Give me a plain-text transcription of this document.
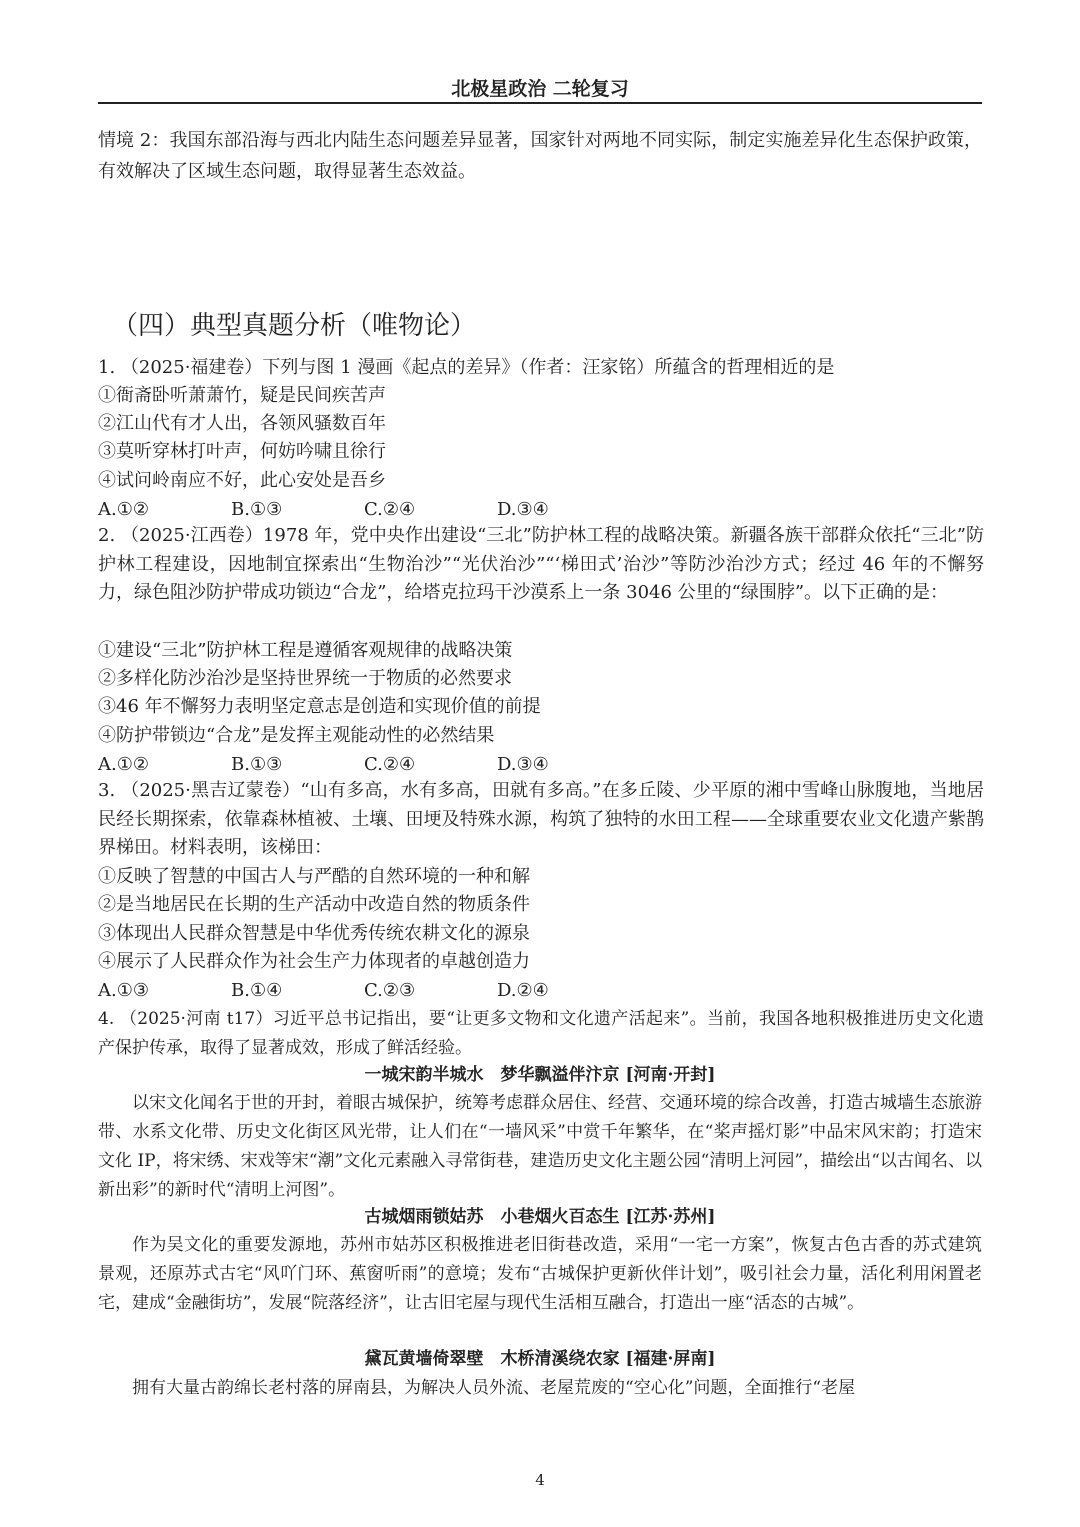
北极星政治 二轮复习

情境 2：我国东部沿海与西北内陆生态问题差异显著，国家针对两地不同实际，制定实施差异化生态保护政策，有效解决了区域生态问题，取得显著生态效益。

（四）典型真题分析（唯物论）
1. （2025·福建卷）下列与图 1 漫画《起点的差异》（作者：汪家铭）所蕴含的哲理相近的是
①衙斋卧听萧萧竹，疑是民间疾苦声
②江山代有才人出，各领风骚数百年
③莫听穿林打叶声，何妨吟啸且徐行
④试问岭南应不好，此心安处是吾乡
A.①②	B.①③	C.②④	D.③④

2. （2025·江西卷）1978 年，党中央作出建设“三北”防护林工程的战略决策。新疆各族干部群众依托“三北”防护林工程建设，因地制宜探索出“生物治沙”“光伏治沙”“‘梯田式’治沙”等防沙治沙方式；经过 46 年的不懈努力，绿色阻沙防护带成功锁边“合龙”，给塔克拉玛干沙漠系上一条 3046 公里的“绿围脖”。以下正确的是：

①建设“三北”防护林工程是遵循客观规律的战略决策
②多样化防沙治沙是坚持世界统一于物质的必然要求
③46 年不懈努力表明坚定意志是创造和实现价值的前提
④防护带锁边“合龙”是发挥主观能动性的必然结果
A.①②	B.①③	C.②④	D.③④

3. （2025·黑吉辽蒙卷）“山有多高，水有多高，田就有多高。”在多丘陵、少平原的湘中雪峰山脉腹地，当地居民经长期探索，依靠森林植被、土壤、田埂及特殊水源，构筑了独特的水田工程——全球重要农业文化遗产紫鹊界梯田。材料表明，该梯田：

①反映了智慧的中国古人与严酷的自然环境的一种和解
②是当地居民在长期的生产活动中改造自然的物质条件
③体现出人民群众智慧是中华优秀传统农耕文化的源泉
④展示了人民群众作为社会生产力体现者的卓越创造力
A.①③	B.①④	C.②③	D.②④

4. （2025·河南 t17）习近平总书记指出，要“让更多文物和文化遗产活起来”。当前，我国各地积极推进历史文化遗产保护传承，取得了显著成效，形成了鲜活经验。

一城宋韵半城水　梦华飘溢伴汴京 [河南·开封]

以宋文化闻名于世的开封，着眼古城保护，统筹考虑群众居住、经营、交通环境的综合改善，打造古城墙生态旅游带、水系文化带、历史文化街区风光带，让人们在“一墙风采”中赏千年繁华，在“桨声摇灯影”中品宋风宋韵；打造宋文化 IP，将宋绣、宋戏等宋“潮”文化元素融入寻常街巷，建造历史文化主题公园“清明上河园”，描绘出“以古闻名、以新出彩”的新时代“清明上河图”。

古城烟雨锁姑苏　小巷烟火百态生 [江苏·苏州]

作为吴文化的重要发源地，苏州市姑苏区积极推进老旧街巷改造，采用“一宅一方案”，恢复古色古香的苏式建筑景观，还原苏式古宅“风吖门环、蕉窗听雨”的意境；发布“古城保护更新伙伴计划”，吸引社会力量，活化利用闲置老宅，建成“金融街坊”，发展“院落经济”，让古旧宅屋与现代生活相互融合，打造出一座“活态的古城”。

黛瓦黄墙倚翠壁　木桥清溪绕农家 [福建·屏南]

拥有大量古韵绵长老村落的屏南县，为解决人员外流、老屋荒废的“空心化”问题，全面推行“老屋

4
